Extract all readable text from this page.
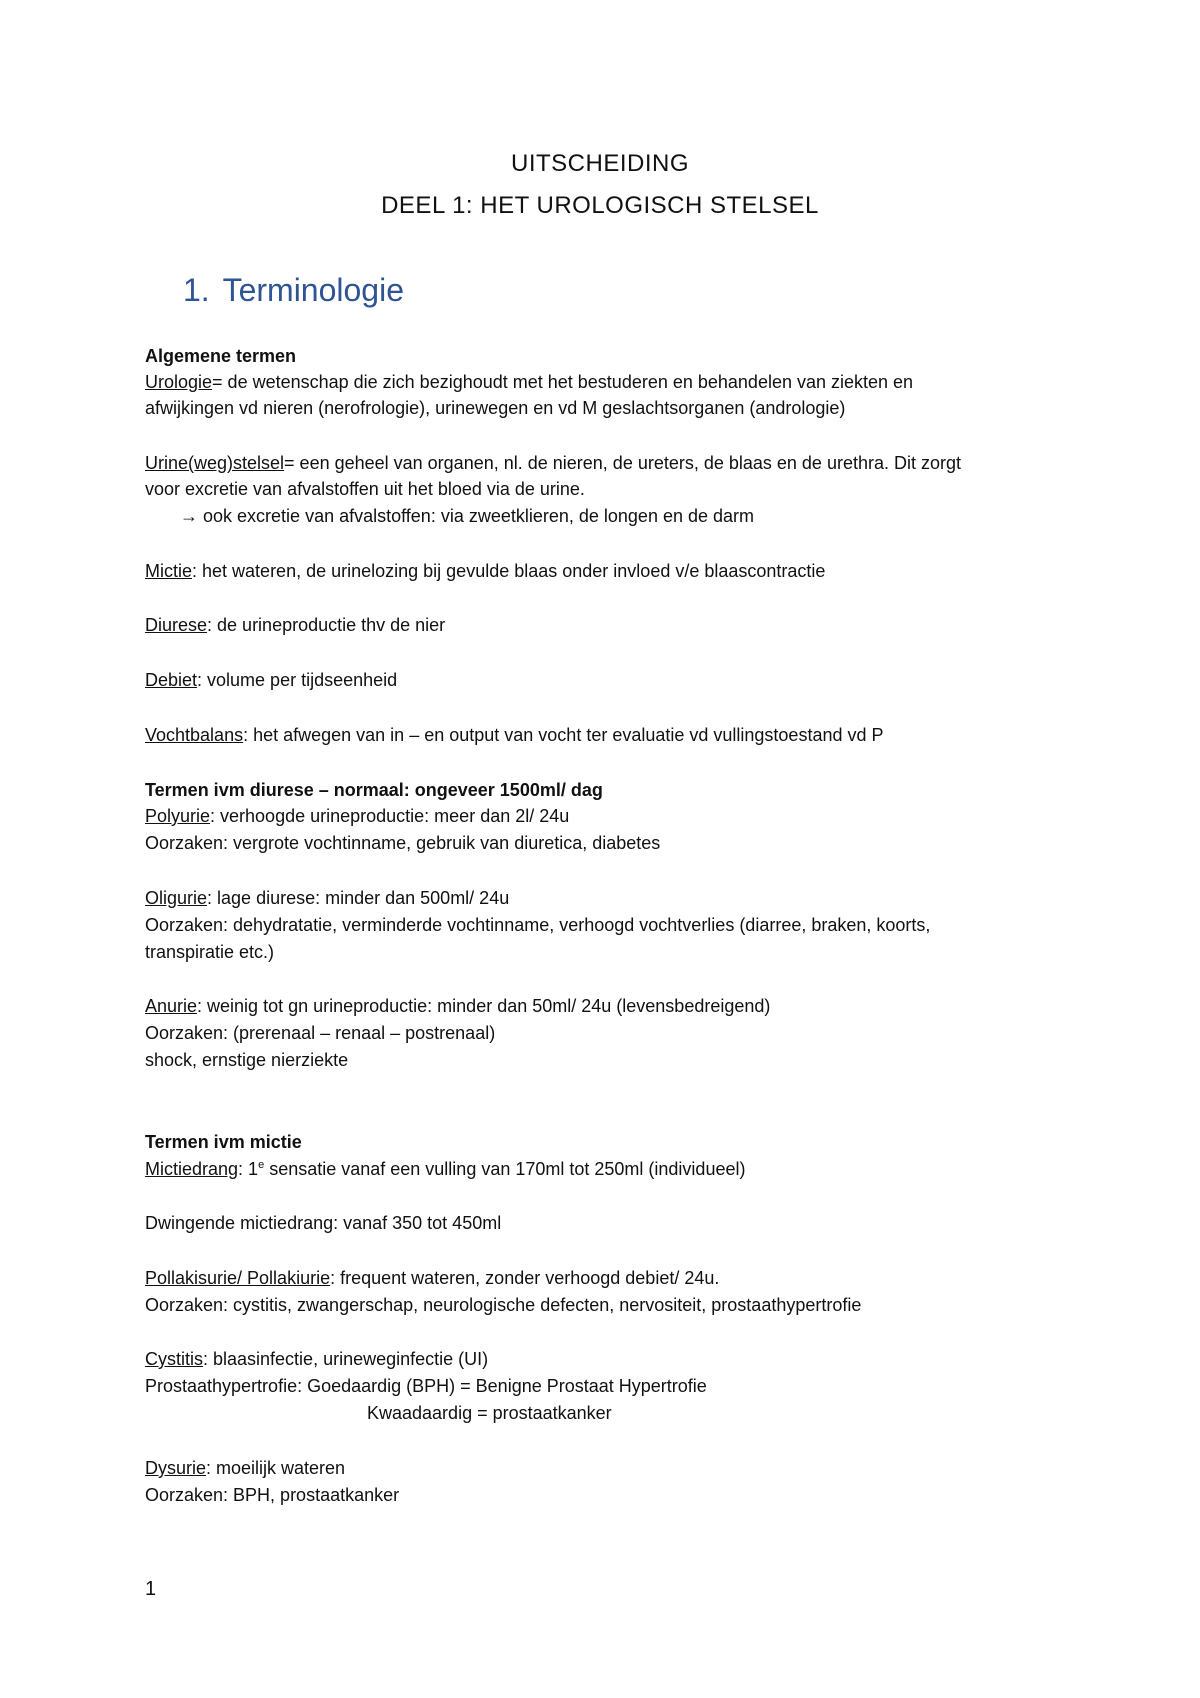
UITSCHEIDING
DEEL 1: HET UROLOGISCH STELSEL
1. Terminologie
Algemene termen
Urologie= de wetenschap die zich bezighoudt met het bestuderen en behandelen van ziekten en
afwijkingen vd nieren (nerofrologie), urinewegen en vd M geslachtsorganen (andrologie)
Urine(weg)stelsel= een geheel van organen, nl. de nieren, de ureters, de blaas en de urethra. Dit zorgt
voor excretie van afvalstoffen uit het bloed via de urine.
→ ook excretie van afvalstoffen: via zweetklieren, de longen en de darm
Mictie: het wateren, de urinelozing bij gevulde blaas onder invloed v/e blaascontractie
Diurese: de urineproductie thv de nier
Debiet: volume per tijdseenheid
Vochtbalans: het afwegen van in – en output van vocht ter evaluatie vd vullingstoestand vd P
Termen ivm diurese – normaal: ongeveer 1500ml/ dag
Polyurie: verhoogde urineproductie: meer dan 2l/ 24u
Oorzaken: vergrote vochtinname, gebruik van diuretica, diabetes
Oligurie: lage diurese: minder dan 500ml/ 24u
Oorzaken: dehydratatie, verminderde vochtinname, verhoogd vochtverlies (diarree, braken, koorts,
transpiratie etc.)
Anurie: weinig tot gn urineproductie: minder dan 50ml/ 24u (levensbedreigend)
Oorzaken: (prerenaal – renaal – postrenaal)
shock, ernstige nierziekte
Termen ivm mictie
Mictiedrang: 1e sensatie vanaf een vulling van 170ml tot 250ml (individueel)
Dwingende mictiedrang: vanaf 350 tot 450ml
Pollakisurie/ Pollakiurie: frequent wateren, zonder verhoogd debiet/ 24u.
Oorzaken: cystitis, zwangerschap, neurologische defecten, nervositeit, prostaathypertrofie
Cystitis: blaasinfectie, urineweginfectie (UI)
Prostaathypertrofie: Goedaardig (BPH) = Benigne Prostaat Hypertrofie
Kwaadaardig = prostaatkanker
Dysurie: moeilijk wateren
Oorzaken: BPH, prostaatkanker
1
